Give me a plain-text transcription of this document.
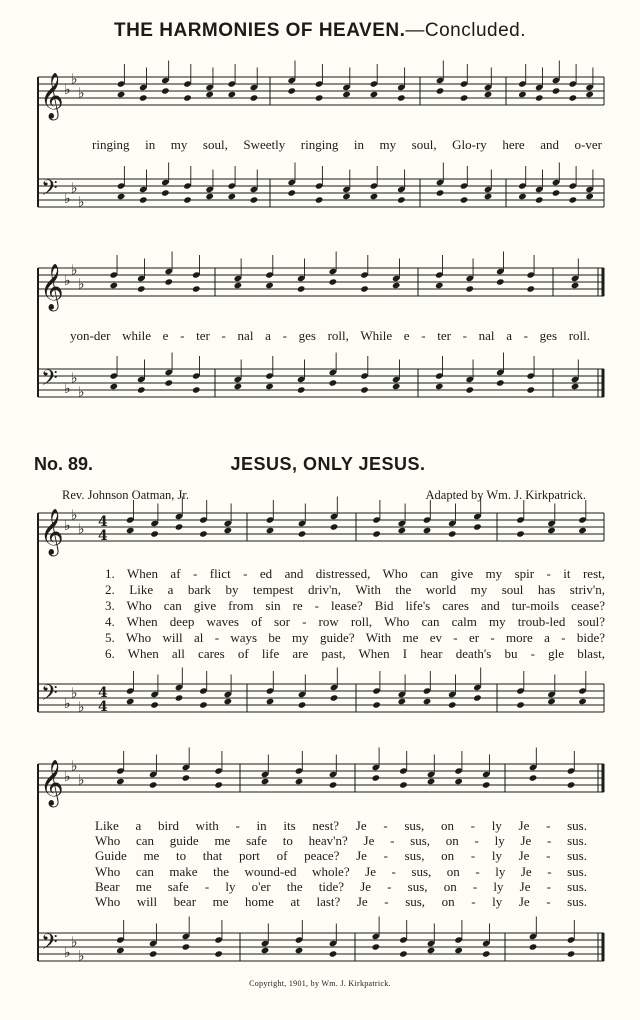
THE HARMONIES OF HEAVEN.—Concluded.
ringing in my soul, Sweetly ringing in my soul, Glo-ry here and o-ver
yon-der while e - ter - nal a - ges roll, While e - ter - nal a - ges roll.
No. 89.	JESUS, ONLY JESUS.
Rev. Johnson Oatman, Jr.	Adapted by Wm. J. Kirkpatrick.
1. When af - flict - ed and distressed, Who can give my spir - it rest,
2. Like a bark by tempest driv'n, With the world my soul has striv'n,
3. Who can give from sin re - lease? Bid life's cares and tur-moils cease?
4. When deep waves of sor - row roll, Who can calm my troub-led soul?
5. Who will al - ways be my guide? With me ev - er - more a - bide?
6. When all cares of life are past, When I hear death's bu - gle blast,
Like a bird with - in its nest? Je - sus, on - ly Je - sus.
Who can guide me safe to heav'n? Je - sus, on - ly Je - sus.
Guide me to that port of peace? Je - sus, on - ly Je - sus.
Who can make the wound-ed whole? Je - sus, on - ly Je - sus.
Bear me safe - ly o'er the tide? Je - sus, on - ly Je - sus.
Who will bear me home at last? Je - sus, on - ly Je - sus.
Copyright, 1901, by Wm. J. Kirkpatrick.
𝄞 ♭
♭
♭
𝄢 ♭
♭
♭
𝄞 ♭
♭
♭
𝄢 ♭
♭
♭
𝄞 ♭
♭
♭
𝄢 ♭
♭
♭
4
4
4
4
𝄞 ♭
♭
♭
𝄢 ♭
♭
♭
